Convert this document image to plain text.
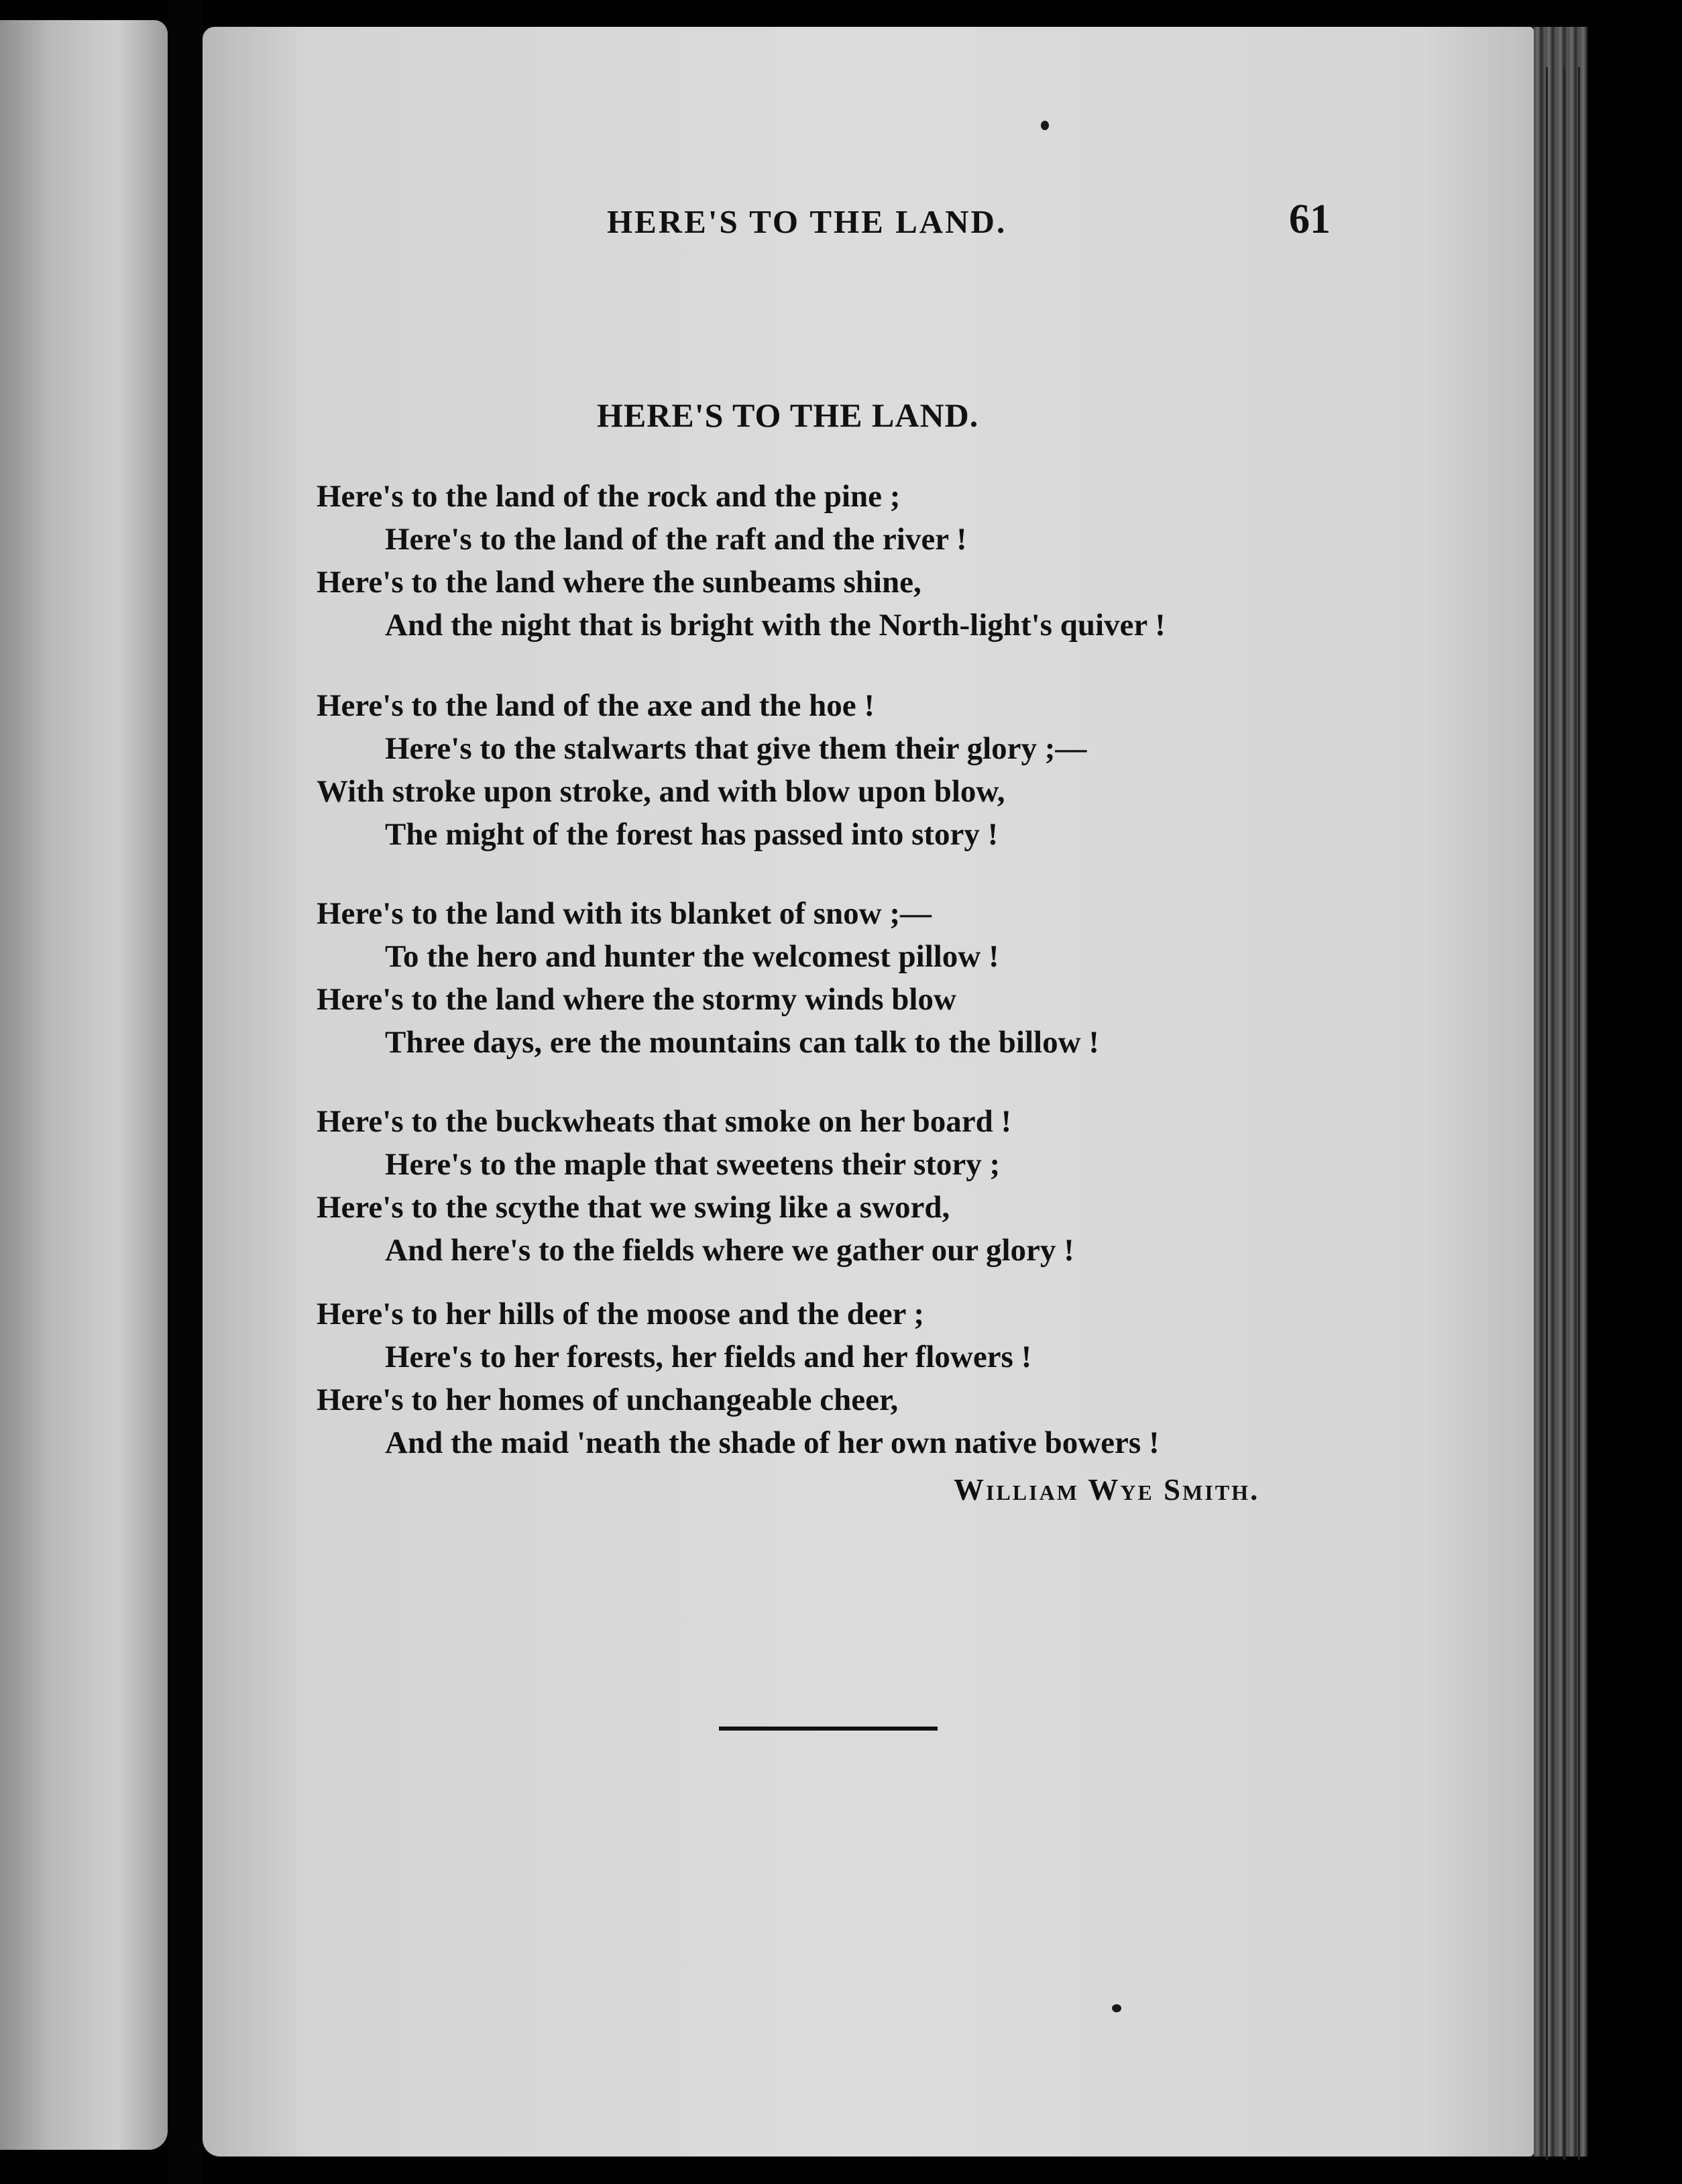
HERE'S TO THE LAND.	61
HERE'S TO THE LAND.
Here's to the land of the rock and the pine ;
Here's to the land of the raft and the river !
Here's to the land where the sunbeams shine,
And the night that is bright with the North-light's quiver !
Here's to the land of the axe and the hoe !
Here's to the stalwarts that give them their glory ;—
With stroke upon stroke, and with blow upon blow,
The might of the forest has passed into story !
Here's to the land with its blanket of snow ;—
To the hero and hunter the welcomest pillow !
Here's to the land where the stormy winds blow
Three days, ere the mountains can talk to the billow !
Here's to the buckwheats that smoke on her board !
Here's to the maple that sweetens their story ;
Here's to the scythe that we swing like a sword,
And here's to the fields where we gather our glory !
Here's to her hills of the moose and the deer ;
Here's to her forests, her fields and her flowers !
Here's to her homes of unchangeable cheer,
And the maid 'neath the shade of her own native bowers !
William Wye Smith.
